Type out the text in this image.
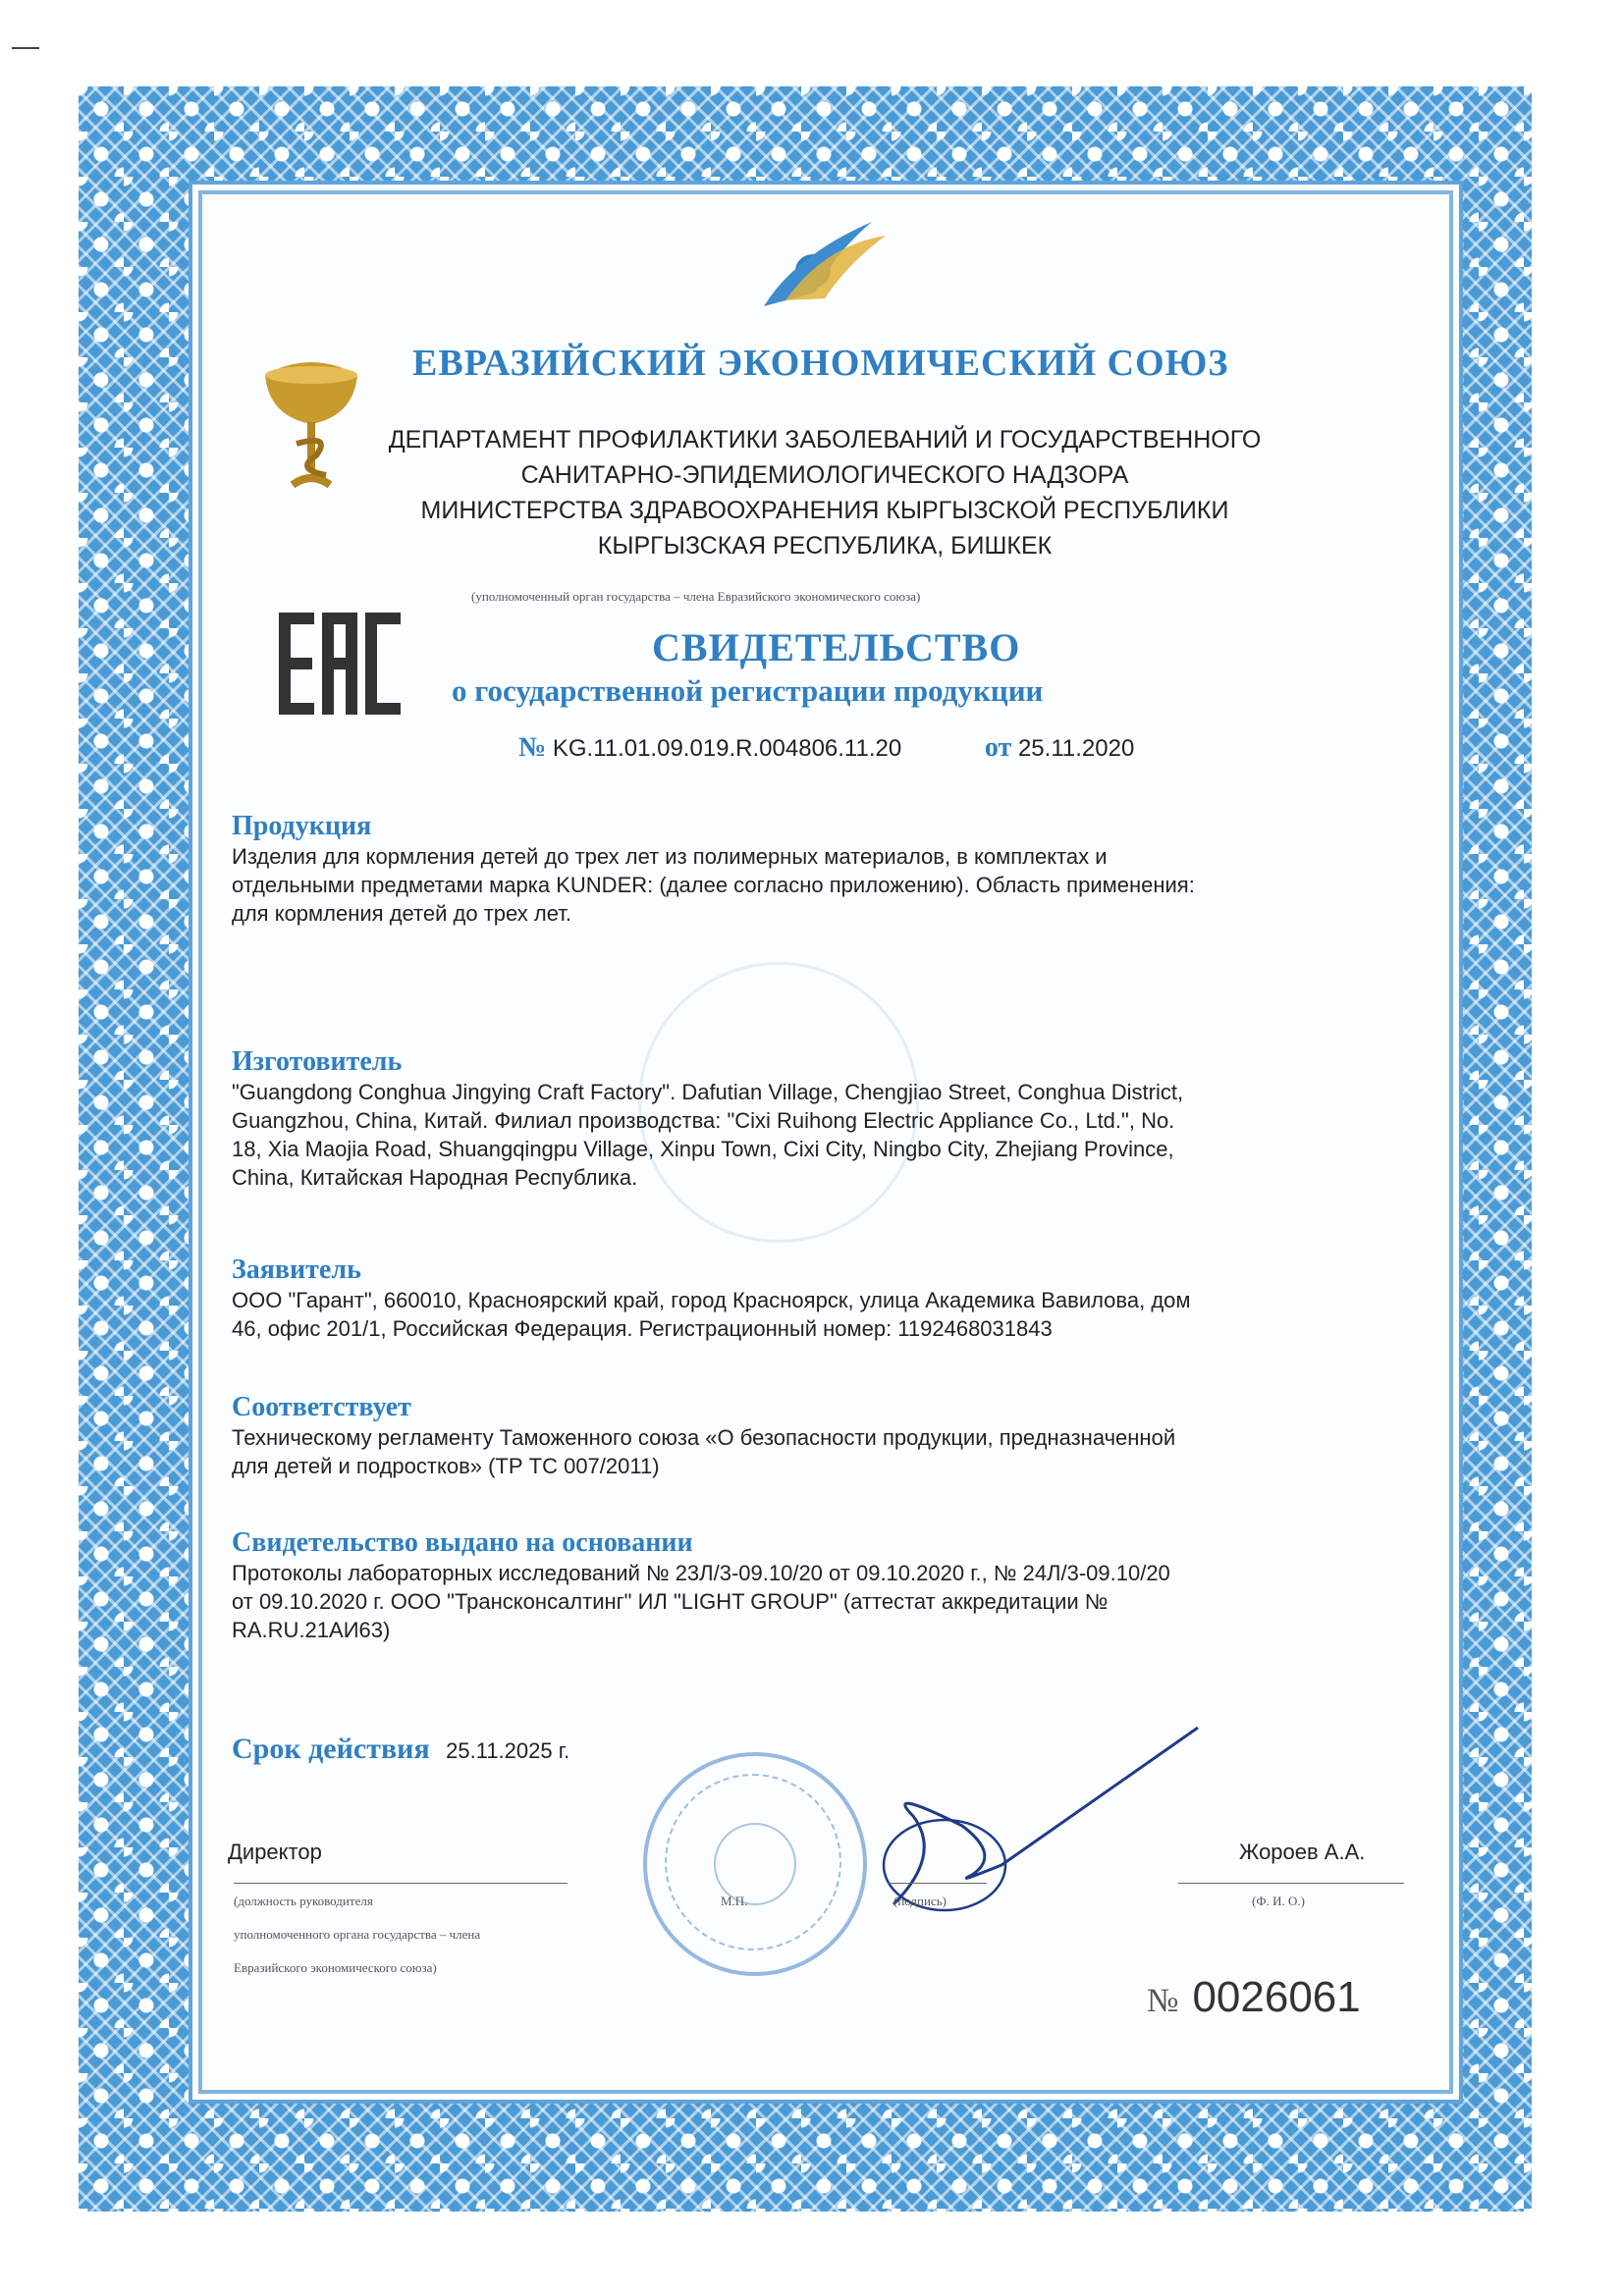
ЕВРАЗИЙСКИЙ ЭКОНОМИЧЕСКИЙ СОЮЗ
ДЕПАРТАМЕНТ ПРОФИЛАКТИКИ ЗАБОЛЕВАНИЙ И ГОСУДАРСТВЕННОГО
САНИТАРНО-ЭПИДЕМИОЛОГИЧЕСКОГО НАДЗОРА
МИНИСТЕРСТВА ЗДРАВООХРАНЕНИЯ КЫРГЫЗСКОЙ РЕСПУБЛИКИ
КЫРГЫЗСКАЯ РЕСПУБЛИКА, БИШКЕК
(уполномоченный орган государства – члена Евразийского экономического союза)
СВИДЕТЕЛЬСТВО
о государственной регистрации продукции
№ KG.11.01.09.019.R.004806.11.20	от 25.11.2020
Продукция

Изделия для кормления детей до трех лет из полимерных материалов, в комплектах и

отдельными предметами марка KUNDER: (далее согласно приложению). Область применения:

для кормления детей до трех лет.

Изготовитель

"Guangdong Conghua Jingying Craft Factory". Dafutian Village, Chengjiao Street, Conghua District,

Guangzhou, China, Китай. Филиал производства: "Cixi Ruihong Electric Appliance Co., Ltd.", No.

18, Xia Maojia Road, Shuangqingpu Village, Xinpu Town, Cixi City, Ningbo City, Zhejiang Province,

China, Китайская Народная Республика.

Заявитель

ООО "Гарант", 660010, Красноярский край, город Красноярск, улица Академика Вавилова, дом

46, офис 201/1, Российская Федерация. Регистрационный номер: 1192468031843

Соответствует

Техническому регламенту Таможенного союза «О безопасности продукции, предназначенной

для детей и подростков» (ТР ТС 007/2011)

Свидетельство выдано на основании

Протоколы лабораторных исследований № 23Л/3-09.10/20 от 09.10.2020 г., № 24Л/3-09.10/20

от 09.10.2020 г. ООО "Трансконсалтинг" ИЛ "LIGHT GROUP" (аттестат аккредитации №

RA.RU.21АИ63)

Срок действия 25.11.2025 г.
Директор	Жороев А.А.
(должность руководителя
уполномоченного органа государства – члена
Евразийского экономического союза)
М.П.	(подпись)	(Ф. И. О.)
№ 0026061
